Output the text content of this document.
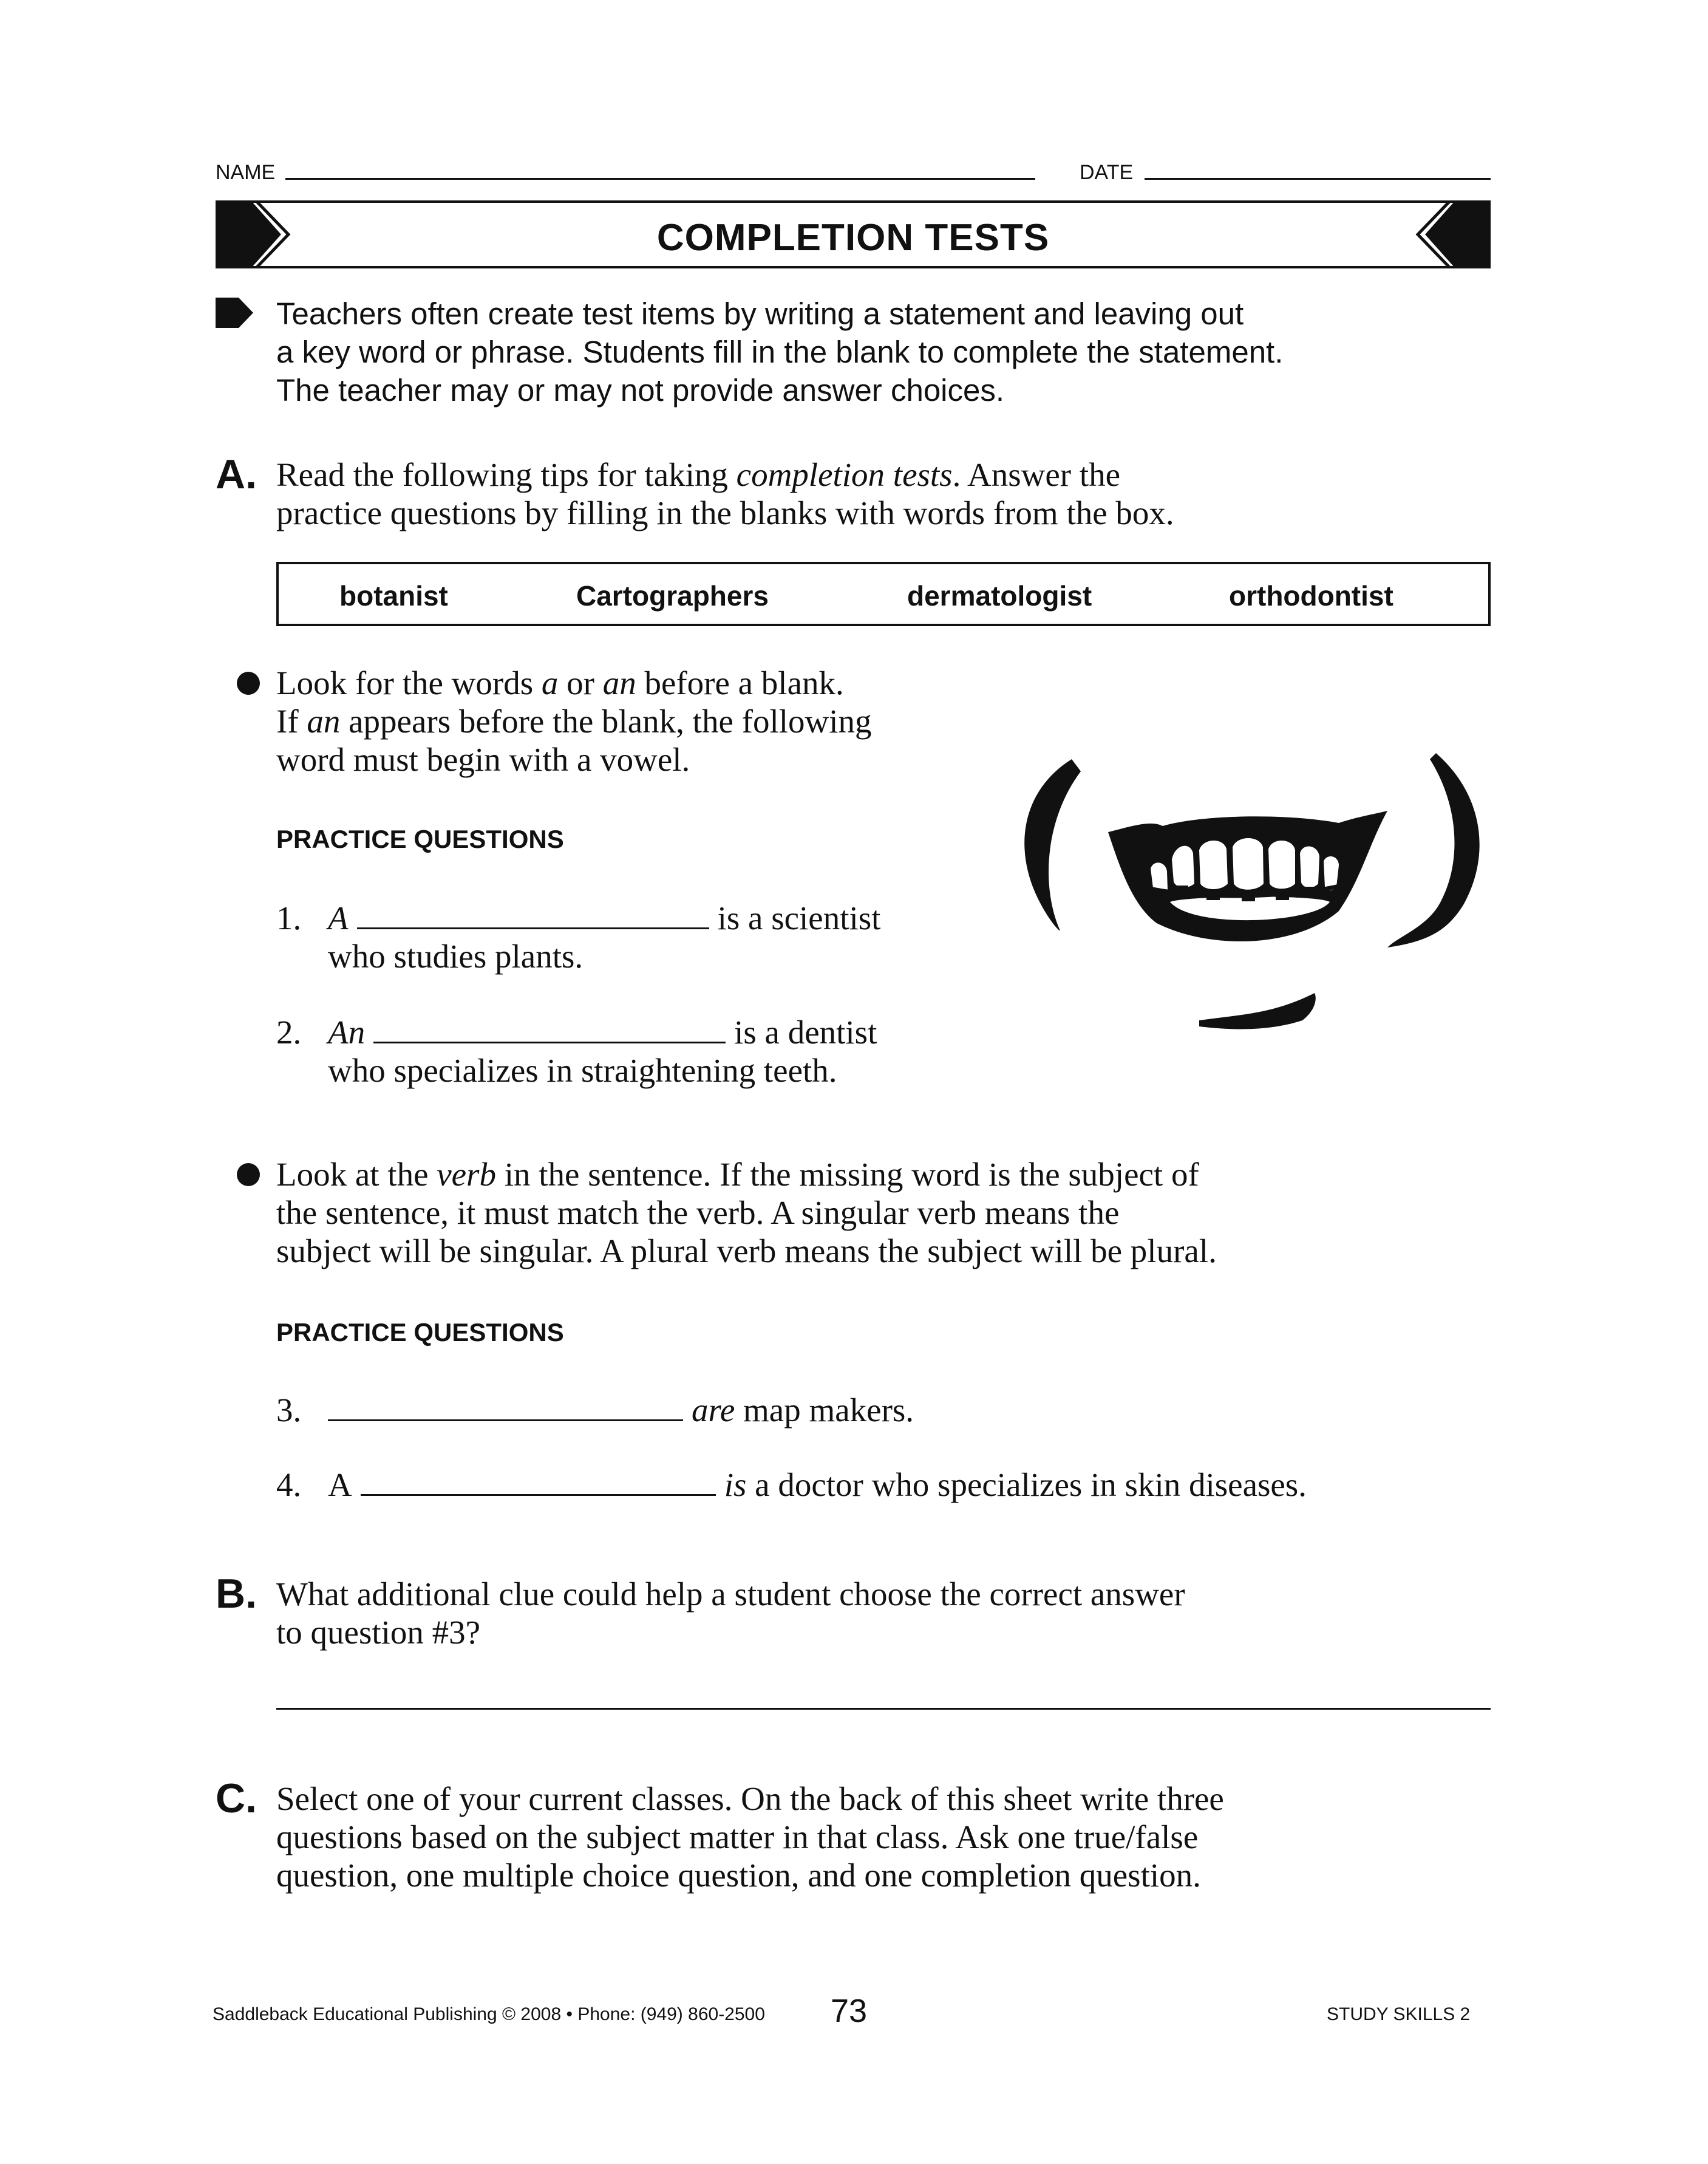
NAME	DATE
COMPLETION TESTS
Teachers often create test items by writing a statement and leaving out
a key word or phrase. Students fill in the blank to complete the statement.
The teacher may or may not provide answer choices.
A. Read the following tips for taking completion tests. Answer the
practice questions by filling in the blanks with words from the box.
botanist	Cartographers	dermatologist	orthodontist
Look for the words a or an before a blank.
If an appears before the blank, the following
word must begin with a vowel.
PRACTICE QUESTIONS
1. A	is a scientist
who studies plants.
2. An	is a dentist
who specializes in straightening teeth.
Look at the verb in the sentence. If the missing word is the subject of
the sentence, it must match the verb. A singular verb means the
subject will be singular. A plural verb means the subject will be plural.
PRACTICE QUESTIONS
3.	are map makers.
4. A	is a doctor who specializes in skin diseases.
B. What additional clue could help a student choose the correct answer
to question #3?
C. Select one of your current classes. On the back of this sheet write three
questions based on the subject matter in that class. Ask one true/false
question, one multiple choice question, and one completion question.
Saddleback Educational Publishing © 2008 • Phone: (949) 860-2500 73	STUDY SKILLS 2
